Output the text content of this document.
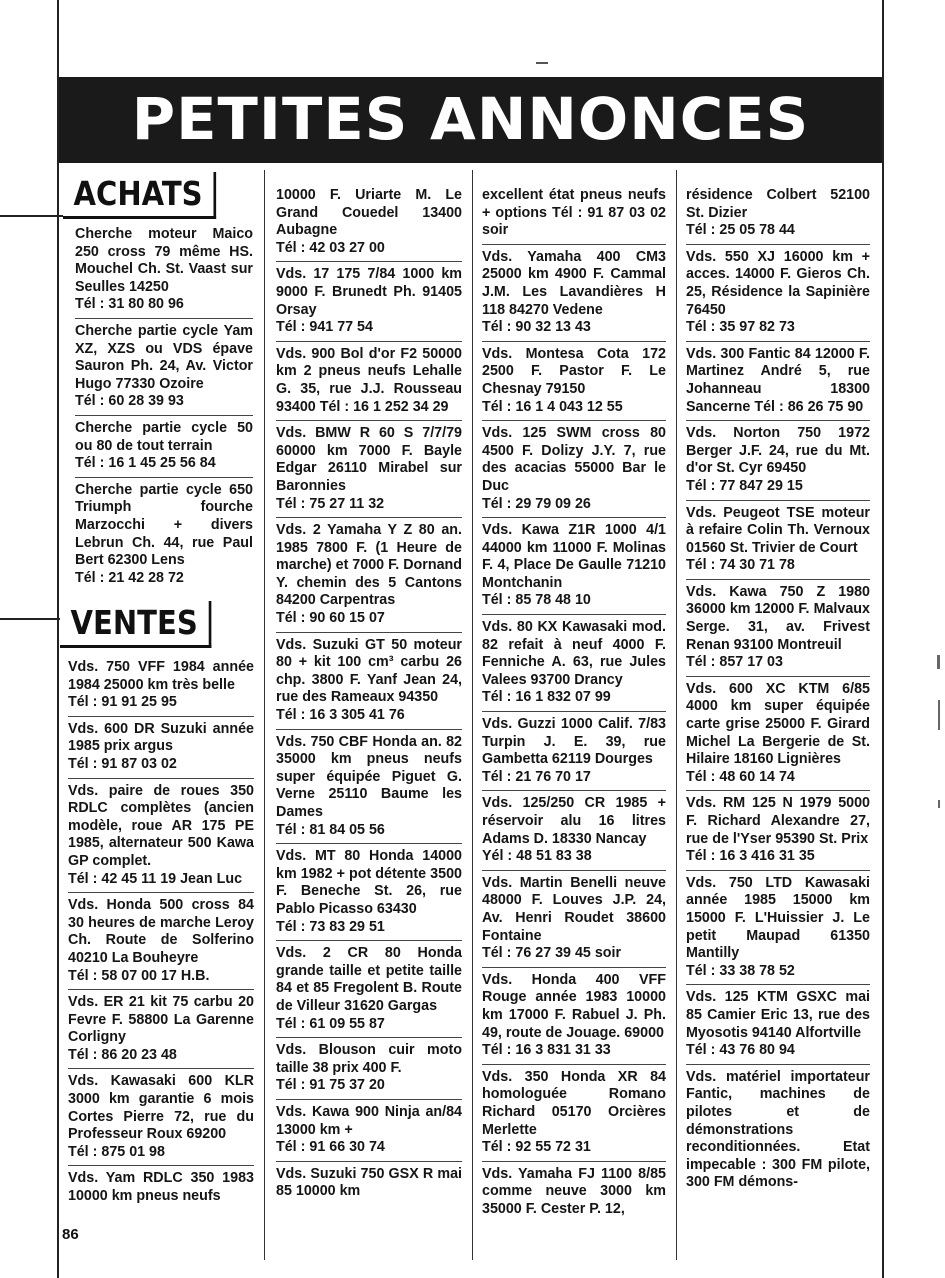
PETITES ANNONCES
ACHATS
Cherche moteur Maico 250 cross 79 même HS. Mouchel Ch. St. Vaast sur Seulles 14250
Tél : 31 80 80 96
Cherche partie cycle Yam XZ, XZS ou VDS épave Sauron Ph. 24, Av. Victor Hugo 77330 Ozoire
Tél : 60 28 39 93
Cherche partie cycle 50 ou 80 de tout terrain
Tél : 16 1 45 25 56 84
Cherche partie cycle 650 Triumph fourche Marzocchi + divers Lebrun Ch. 44, rue Paul Bert 62300 Lens
Tél : 21 42 28 72
VENTES
Vds. 750 VFF 1984 année 1984 25000 km très belle
Tél : 91 91 25 95
Vds. 600 DR Suzuki année 1985 prix argus
Tél : 91 87 03 02
Vds. paire de roues 350 RDLC complètes (ancien modèle, roue AR 175 PE 1985, alternateur 500 Kawa GP complet.
Tél : 42 45 11 19 Jean Luc
Vds. Honda 500 cross 84 30 heures de marche Leroy Ch. Route de Solferino 40210 La Bouheyre
Tél : 58 07 00 17 H.B.
Vds. ER 21 kit 75 carbu 20 Fevre F. 58800 La Garenne Corligny
Tél : 86 20 23 48
Vds. Kawasaki 600 KLR 3000 km garantie 6 mois Cortes Pierre 72, rue du Professeur Roux 69200
Tél : 875 01 98
Vds. Yam RDLC 350 1983 10000 km pneus neufs
10000 F. Uriarte M. Le Grand Couedel 13400 Aubagne
Tél : 42 03 27 00
Vds. 17 175 7/84 1000 km 9000 F. Brunedt Ph. 91405 Orsay
Tél : 941 77 54
Vds. 900 Bol d'or F2 50000 km 2 pneus neufs Lehalle G. 35, rue J.J. Rousseau 93400 Tél : 16 1 252 34 29
Vds. BMW R 60 S 7/7/79 60000 km 7000 F. Bayle Edgar 26110 Mirabel sur Baronnies
Tél : 75 27 11 32
Vds. 2 Yamaha Y Z 80 an. 1985 7800 F. (1 Heure de marche) et 7000 F. Dornand Y. chemin des 5 Cantons 84200 Carpentras
Tél : 90 60 15 07
Vds. Suzuki GT 50 moteur 80 + kit 100 cm³ carbu 26 chp. 3800 F. Yanf Jean 24, rue des Rameaux 94350
Tél : 16 3 305 41 76
Vds. 750 CBF Honda an. 82 35000 km pneus neufs super équipée Piguet G. Verne 25110 Baume les Dames
Tél : 81 84 05 56
Vds. MT 80 Honda 14000 km 1982 + pot détente 3500 F. Beneche St. 26, rue Pablo Picasso 63430
Tél : 73 83 29 51
Vds. 2 CR 80 Honda grande taille et petite taille 84 et 85 Fregolent B. Route de Villeur 31620 Gargas
Tél : 61 09 55 87
Vds. Blouson cuir moto taille 38 prix 400 F.
Tél : 91 75 37 20
Vds. Kawa 900 Ninja an/84 13000 km +
Tél : 91 66 30 74
Vds. Suzuki 750 GSX R mai 85 10000 km
excellent état pneus neufs + options Tél : 91 87 03 02 soir
Vds. Yamaha 400 CM3 25000 km 4900 F. Cammal J.M. Les Lavandières H 118 84270 Vedene
Tél : 90 32 13 43
Vds. Montesa Cota 172 2500 F. Pastor F. Le Chesnay 79150
Tél : 16 1 4 043 12 55
Vds. 125 SWM cross 80 4500 F. Dolizy J.Y. 7, rue des acacias 55000 Bar le Duc
Tél : 29 79 09 26
Vds. Kawa Z1R 1000 4/1 44000 km 11000 F. Molinas F. 4, Place De Gaulle 71210 Montchanin
Tél : 85 78 48 10
Vds. 80 KX Kawasaki mod. 82 refait à neuf 4000 F. Fenniche A. 63, rue Jules Valees 93700 Drancy
Tél : 16 1 832 07 99
Vds. Guzzi 1000 Calif. 7/83 Turpin J. E. 39, rue Gambetta 62119 Dourges
Tél : 21 76 70 17
Vds. 125/250 CR 1985 + réservoir alu 16 litres Adams D. 18330 Nancay
Yél : 48 51 83 38
Vds. Martin Benelli neuve 48000 F. Louves J.P. 24, Av. Henri Roudet 38600 Fontaine
Tél : 76 27 39 45 soir
Vds. Honda 400 VFF Rouge année 1983 10000 km 17000 F. Rabuel J. Ph. 49, route de Jouage. 69000
Tél : 16 3 831 31 33
Vds. 350 Honda XR 84 homologuée Romano Richard 05170 Orcières Merlette
Tél : 92 55 72 31
Vds. Yamaha FJ 1100 8/85 comme neuve 3000 km 35000 F. Cester P. 12,
résidence Colbert 52100 St. Dizier
Tél : 25 05 78 44
Vds. 550 XJ 16000 km + acces. 14000 F. Gieros Ch. 25, Résidence la Sapinière 76450
Tél : 35 97 82 73
Vds. 300 Fantic 84 12000 F. Martinez André 5, rue Johanneau 18300 Sancerne Tél : 86 26 75 90
Vds. Norton 750 1972 Berger J.F. 24, rue du Mt. d'or St. Cyr 69450
Tél : 77 847 29 15
Vds. Peugeot TSE moteur à refaire Colin Th. Vernoux 01560 St. Trivier de Court
Tél : 74 30 71 78
Vds. Kawa 750 Z 1980 36000 km 12000 F. Malvaux Serge. 31, av. Frivest Renan 93100 Montreuil
Tél : 857 17 03
Vds. 600 XC KTM 6/85 4000 km super équipée carte grise 25000 F. Girard Michel La Bergerie de St. Hilaire 18160 Lignières
Tél : 48 60 14 74
Vds. RM 125 N 1979 5000 F. Richard Alexandre 27, rue de l'Yser 95390 St. Prix
Tél : 16 3 416 31 35
Vds. 750 LTD Kawasaki année 1985 15000 km 15000 F. L'Huissier J. Le petit Maupad 61350 Mantilly
Tél : 33 38 78 52
Vds. 125 KTM GSXC mai 85 Camier Eric 13, rue des Myosotis 94140 Alfortville
Tél : 43 76 80 94
Vds. matériel importateur Fantic, machines de pilotes et de démonstrations reconditionnées. Etat impecable : 300 FM pilote, 300 FM démons-
86
